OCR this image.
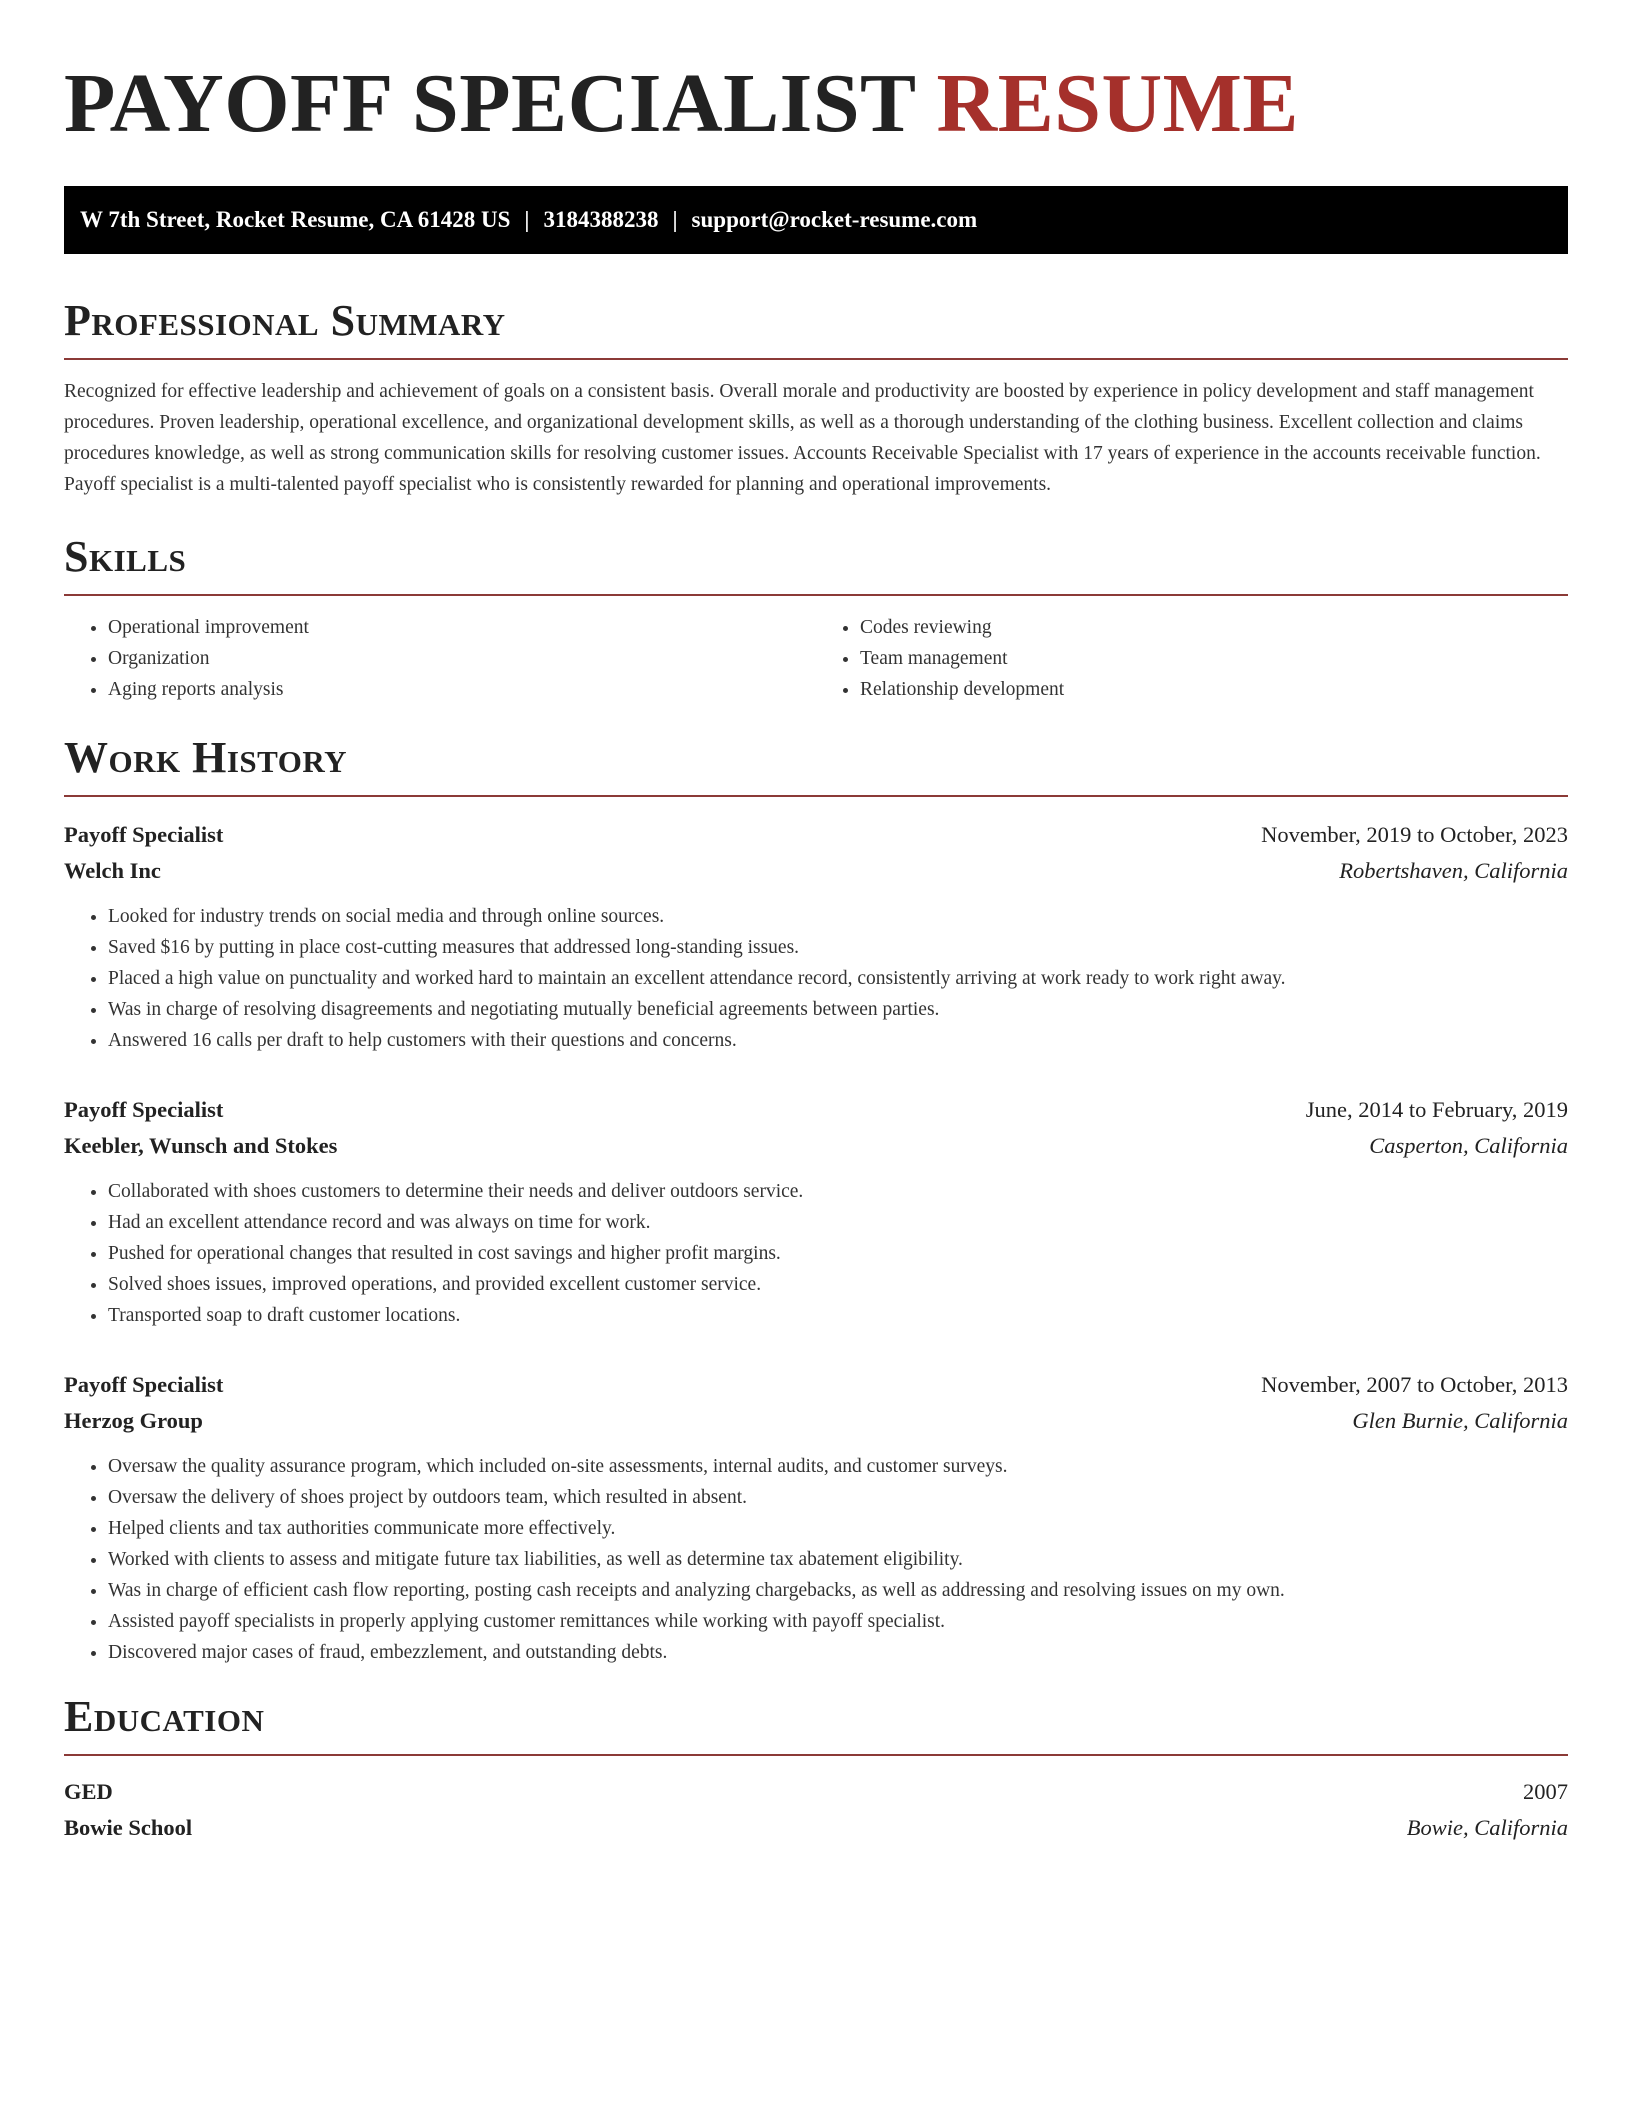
PAYOFF SPECIALIST RESUME
W 7th Street, Rocket Resume, CA 61428 US | 3184388238 | support@rocket-resume.com
Professional Summary

Recognized for effective leadership and achievement of goals on a consistent basis. Overall morale and productivity are boosted by experience in policy development and staff management procedures. Proven leadership, operational excellence, and organizational development skills, as well as a thorough understanding of the clothing business. Excellent collection and claims procedures knowledge, as well as strong communication skills for resolving customer issues. Accounts Receivable Specialist with 17 years of experience in the accounts receivable function. Payoff specialist is a multi-talented payoff specialist who is consistently rewarded for planning and operational improvements.

Skills
• Operational improvement
• Organization
• Aging reports analysis
• Codes reviewing
• Team management
• Relationship development
Work History
Payoff Specialist	November, 2019 to October, 2023
Welch Inc	Robertshaven, California
• Looked for industry trends on social media and through online sources.
• Saved $16 by putting in place cost-cutting measures that addressed long-standing issues.
• Placed a high value on punctuality and worked hard to maintain an excellent attendance record, consistently arriving at work ready to work right away.
• Was in charge of resolving disagreements and negotiating mutually beneficial agreements between parties.
• Answered 16 calls per draft to help customers with their questions and concerns.
Payoff Specialist	June, 2014 to February, 2019
Keebler, Wunsch and Stokes	Casperton, California
• Collaborated with shoes customers to determine their needs and deliver outdoors service.
• Had an excellent attendance record and was always on time for work.
• Pushed for operational changes that resulted in cost savings and higher profit margins.
• Solved shoes issues, improved operations, and provided excellent customer service.
• Transported soap to draft customer locations.
Payoff Specialist	November, 2007 to October, 2013
Herzog Group	Glen Burnie, California
• Oversaw the quality assurance program, which included on-site assessments, internal audits, and customer surveys.
• Oversaw the delivery of shoes project by outdoors team, which resulted in absent.
• Helped clients and tax authorities communicate more effectively.
• Worked with clients to assess and mitigate future tax liabilities, as well as determine tax abatement eligibility.
• Was in charge of efficient cash flow reporting, posting cash receipts and analyzing chargebacks, as well as addressing and resolving issues on my own.
• Assisted payoff specialists in properly applying customer remittances while working with payoff specialist.
• Discovered major cases of fraud, embezzlement, and outstanding debts.
Education
GED	2007
Bowie School	Bowie, California
